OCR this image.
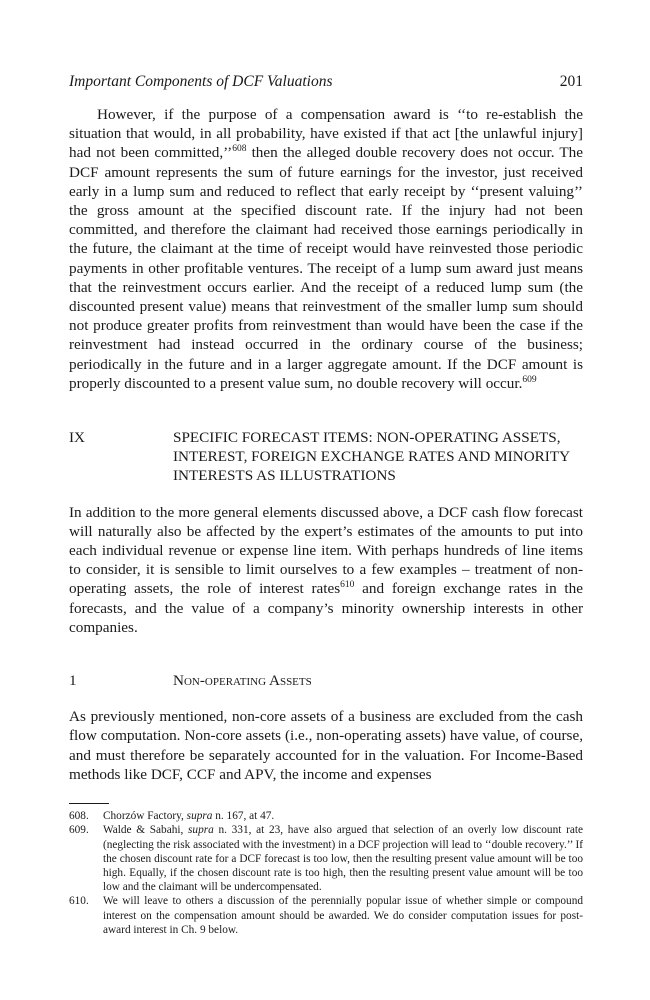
Important Components of DCF Valuations	201

However, if the purpose of a compensation award is ‘‘to re-establish the situation that would, in all probability, have existed if that act [the unlawful injury] had not been committed,’’$^{608}$ then the alleged double recovery does not occur. The DCF amount represents the sum of future earnings for the investor, just received early in a lump sum and reduced to reflect that early receipt by ‘‘present valuing’’ the gross amount at the specified discount rate. If the injury had not been committed, and therefore the claimant had received those earnings periodically in the future, the claimant at the time of receipt would have reinvested those periodic payments in other profitable ventures. The receipt of a lump sum award just means that the reinvestment occurs earlier. And the receipt of a reduced lump sum (the discounted present value) means that reinvestment of the smaller lump sum should not produce greater profits from reinvestment than would have been the case if the reinvestment had instead occurred in the ordinary course of the business; periodically in the future and in a larger aggregate amount. If the DCF amount is properly discounted to a present value sum, no double recovery will occur.$^{609}$

IX	SPECIFIC FORECAST ITEMS: NON-OPERATING ASSETS, INTEREST, FOREIGN EXCHANGE RATES AND MINORITY INTERESTS AS ILLUSTRATIONS

In addition to the more general elements discussed above, a DCF cash flow forecast will naturally also be affected by the expert’s estimates of the amounts to put into each individual revenue or expense line item. With perhaps hundreds of line items to consider, it is sensible to limit ourselves to a few examples – treatment of non-operating assets, the role of interest rates$^{610}$ and foreign exchange rates in the forecasts, and the value of a company’s minority ownership interests in other companies.

1	Non-operating Assets

As previously mentioned, non-core assets of a business are excluded from the cash flow computation. Non-core assets (i.e., non-operating assets) have value, of course, and must therefore be separately accounted for in the valuation. For Income-Based methods like DCF, CCF and APV, the income and expenses

608.	Chorzów Factory, supra n. 167, at 47.
609.	Walde & Sabahi, supra n. 331, at 23, have also argued that selection of an overly low discount rate (neglecting the risk associated with the investment) in a DCF projection will lead to ‘‘double recovery.’’ If the chosen discount rate for a DCF forecast is too low, then the resulting present value amount will be too high. Equally, if the chosen discount rate is too high, then the resulting present value amount will be too low and the claimant will be undercompensated.
610.	We will leave to others a discussion of the perennially popular issue of whether simple or compound interest on the compensation amount should be awarded. We do consider computation issues for post-award interest in Ch. 9 below.
